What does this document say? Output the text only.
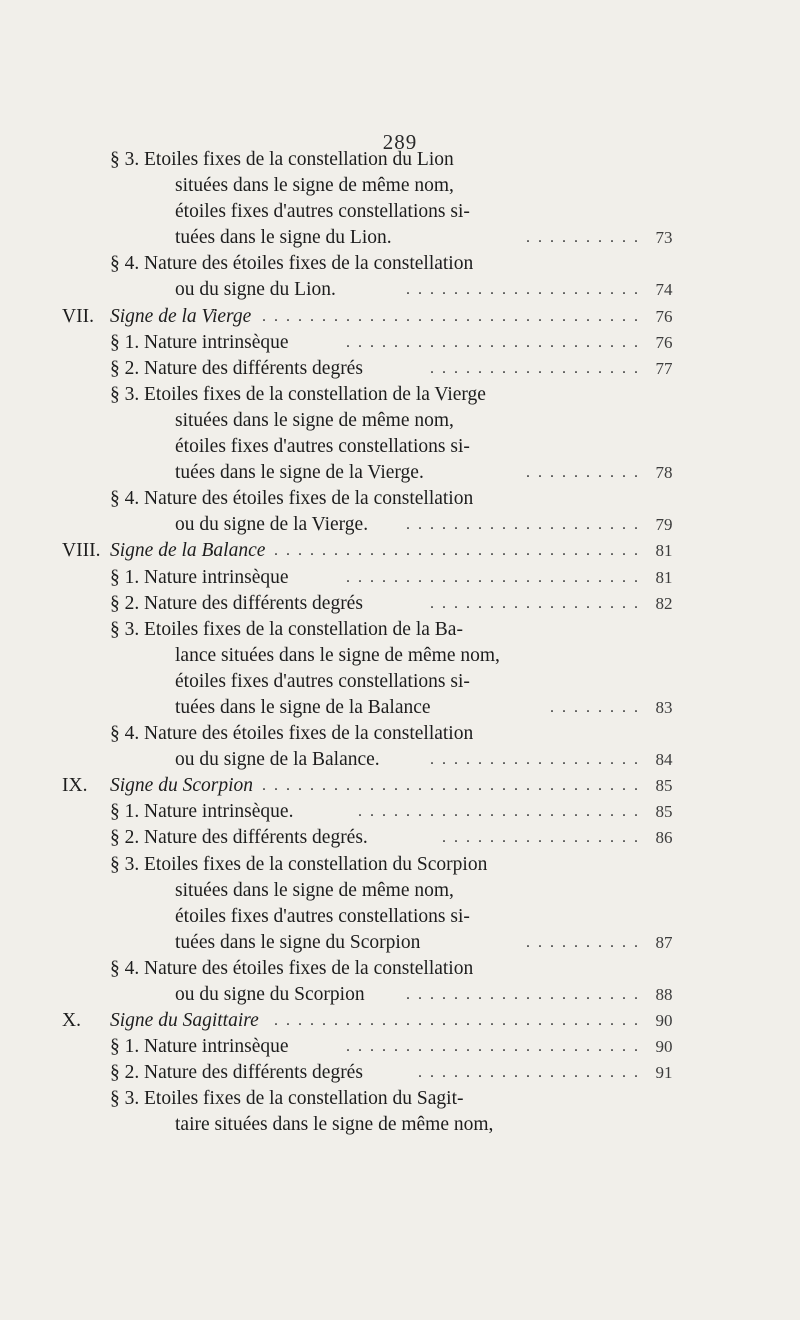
289
§ 3. Etoiles fixes de la constellation du Lion
situées dans le signe de même nom,
étoiles fixes d'autres constellations si-
tuées dans le signe du Lion.	. . . . . . . . . . 73
§ 4. Nature des étoiles fixes de la constellation
ou du signe du Lion.	. . . . . . . . . . . . . . . . . . . . 74
VII. Signe de la Vierge . . . . . . . . . . . . . . . . . . . . . . . . . . . . . . . . 76
§ 1. Nature intrinsèque	. . . . . . . . . . . . . . . . . . . . . . . . . 76
§ 2. Nature des différents degrés	. . . . . . . . . . . . . . . . . . 77
§ 3. Etoiles fixes de la constellation de la Vierge
situées dans le signe de même nom,
étoiles fixes d'autres constellations si-
tuées dans le signe de la Vierge.	. . . . . . . . . . 78
§ 4. Nature des étoiles fixes de la constellation
ou du signe de la Vierge. . . . . . . . . . . . . . . . . . . . . 79
VIII. Signe de la Balance . . . . . . . . . . . . . . . . . . . . . . . . . . . . . . . 81
§ 1. Nature intrinsèque	. . . . . . . . . . . . . . . . . . . . . . . . . 81
§ 2. Nature des différents degrés	. . . . . . . . . . . . . . . . . . 82
§ 3. Etoiles fixes de la constellation de la Ba-
lance situées dans le signe de même nom,
étoiles fixes d'autres constellations si-
tuées dans le signe de la Balance	. . . . . . . . 83
§ 4. Nature des étoiles fixes de la constellation
ou du signe de la Balance.	. . . . . . . . . . . . . . . . . . 84
IX. Signe du Scorpion . . . . . . . . . . . . . . . . . . . . . . . . . . . . . . . . 85
§ 1. Nature intrinsèque.	. . . . . . . . . . . . . . . . . . . . . . . . 85
§ 2. Nature des différents degrés.	. . . . . . . . . . . . . . . . . 86
§ 3. Etoiles fixes de la constellation du Scorpion
situées dans le signe de même nom,
étoiles fixes d'autres constellations si-
tuées dans le signe du Scorpion	. . . . . . . . . . 87
§ 4. Nature des étoiles fixes de la constellation
ou du signe du Scorpion	. . . . . . . . . . . . . . . . . . . . 88
X. Signe du Sagittaire . . . . . . . . . . . . . . . . . . . . . . . . . . . . . . . 90
§ 1. Nature intrinsèque	. . . . . . . . . . . . . . . . . . . . . . . . . 90
§ 2. Nature des différents degrés	. . . . . . . . . . . . . . . . . . . 91
§ 3. Etoiles fixes de la constellation du Sagit-
taire situées dans le signe de même nom,
